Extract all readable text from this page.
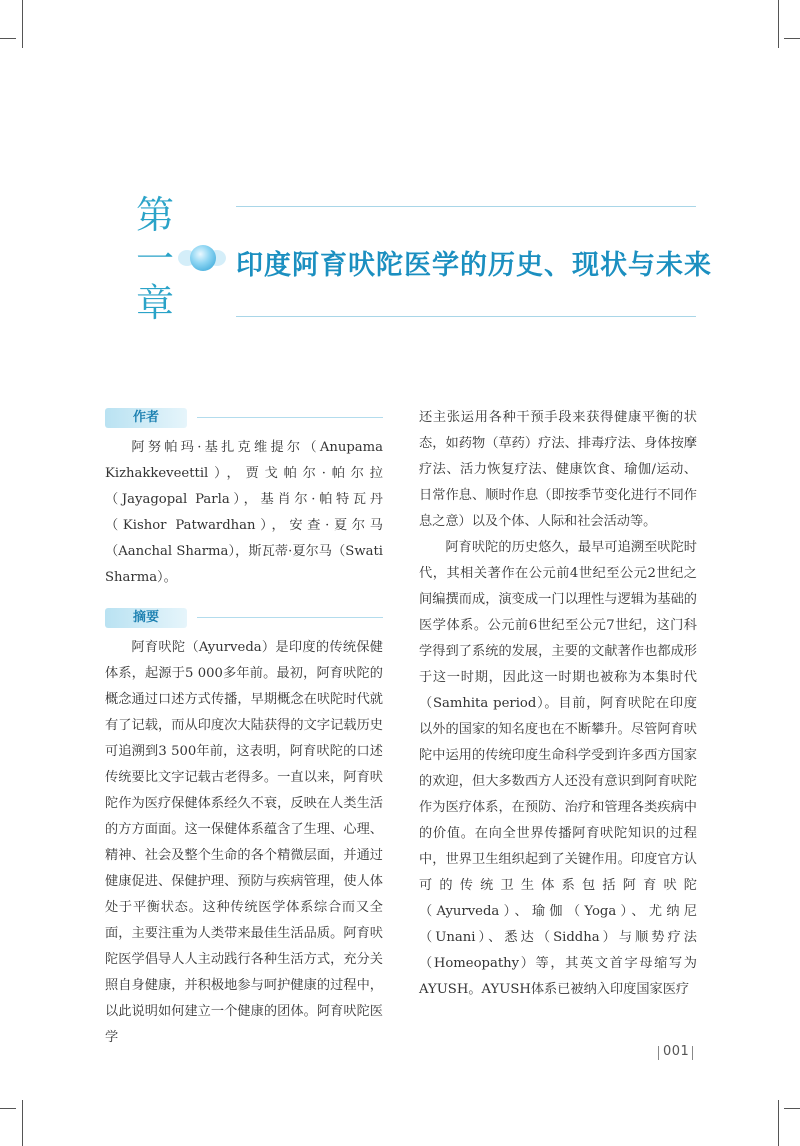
第
一
章
印度阿育吠陀医学的历史、现状与未来
作者

阿努帕玛·基扎克维提尔（Anupama Kizhakkeveettil），贾戈帕尔·帕尔拉（Jayagopal Parla），基肖尔·帕特瓦丹（Kishor Patwardhan），安查·夏尔马（Aanchal Sharma），斯瓦蒂·夏尔马（Swati Sharma）。

摘要

阿育吠陀（Ayurveda）是印度的传统保健体系，起源于5 000多年前。最初，阿育吠陀的概念通过口述方式传播，早期概念在吠陀时代就有了记载，而从印度次大陆获得的文字记载历史可追溯到3 500年前，这表明，阿育吠陀的口述传统要比文字记载古老得多。一直以来，阿育吠陀作为医疗保健体系经久不衰，反映在人类生活的方方面面。这一保健体系蕴含了生理、心理、精神、社会及整个生命的各个精微层面，并通过健康促进、保健护理、预防与疾病管理，使人体处于平衡状态。这种传统医学体系综合而又全面，主要注重为人类带来最佳生活品质。阿育吠陀医学倡导人人主动践行各种生活方式，充分关照自身健康，并积极地参与呵护健康的过程中，以此说明如何建立一个健康的团体。阿育吠陀医学

还主张运用各种干预手段来获得健康平衡的状态，如药物（草药）疗法、排毒疗法、身体按摩疗法、活力恢复疗法、健康饮食、瑜伽/运动、日常作息、顺时作息（即按季节变化进行不同作息之意）以及个体、人际和社会活动等。

阿育吠陀的历史悠久，最早可追溯至吠陀时代，其相关著作在公元前4世纪至公元2世纪之间编撰而成，演变成一门以理性与逻辑为基础的医学体系。公元前6世纪至公元7世纪，这门科学得到了系统的发展，主要的文献著作也都成形于这一时期，因此这一时期也被称为本集时代（Samhita period）。目前，阿育吠陀在印度以外的国家的知名度也在不断攀升。尽管阿育吠陀中运用的传统印度生命科学受到许多西方国家的欢迎，但大多数西方人还没有意识到阿育吠陀作为医疗体系，在预防、治疗和管理各类疾病中的价值。在向全世界传播阿育吠陀知识的过程中，世界卫生组织起到了关键作用。印度官方认可的传统卫生体系包括阿育吠陀（Ayurveda）、瑜伽（Yoga）、尤纳尼（Unani）、悉达（Siddha）与顺势疗法（Homeopathy）等，其英文首字母缩写为AYUSH。AYUSH体系已被纳入印度国家医疗

001
